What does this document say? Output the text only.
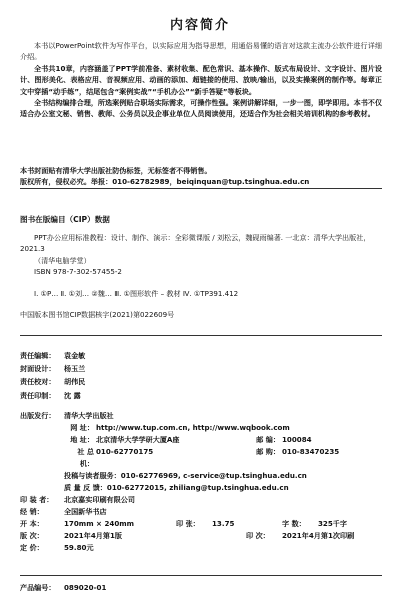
内容简介

本书以PowerPoint软件为写作平台，以实际应用为指导思想，用通俗易懂的语言对这款主流办公软件进行详细介绍。

全书共10章，内容涵盖了PPT学前准备、素材收集、配色常识、基本操作、版式布局设计、文字设计、图片设计、图形美化、表格应用、音视频应用、动画的添加、超链接的使用、放映/输出，以及实操案例的制作等。每章正文中穿插“动手练”，结尾包含“案例实战”“手机办公”“新手答疑”等板块。

全书结构编排合理，所选案例贴合职场实际需求，可操作性强。案例讲解详细，一步一图，即学即用。本书不仅适合办公室文秘、销售、教师、公务员以及企事业单位人员阅读使用，还适合作为社会相关培训机构的参考教材。

本书封面贴有清华大学出版社防伪标签，无标签者不得销售。
版权所有，侵权必究。举报：010-62782989，beiqinquan@tup.tsinghua.edu.cn
图书在版编目（CIP）数据

PPT办公应用标准教程：设计、制作、演示：全彩微课版 / 刘松云，魏砚雨编著. 一北京：清华大学出版社，2021.3

（清华电脑学堂）

ISBN 978-7-302-57455-2

Ⅰ. ①P… Ⅱ. ①刘… ②魏… Ⅲ. ①图形软件 – 教材 Ⅳ. ①TP391.412

中国版本图书馆CIP数据核字(2021)第022609号

责任编辑：	袁金敏
封面设计：	杨玉兰
责任校对：	胡伟民
责任印制：	沈 露
出版发行：	清华大学出版社
网 址： http://www.tup.com.cn, http://www.wqbook.com
地 址： 北京清华大学学研大厦A座	邮 编： 100084
社 总 机：
010-62770175	邮 购： 010-83470235
投稿与读者服务：010-62776969, c-service@tup.tsinghua.edu.cn
质 量 反 馈：010-62772015, zhiliang@tup.tsinghua.edu.cn
印 装 者：	北京嘉实印刷有限公司
经 销：	全国新华书店
开 本：	170mm × 240mm	印 张：	13.75	字 数：	325千字
版 次：	2021年4月第1版	印 次：	2021年4月第1次印刷
定 价：	59.80元
产品编号： 089020-01
